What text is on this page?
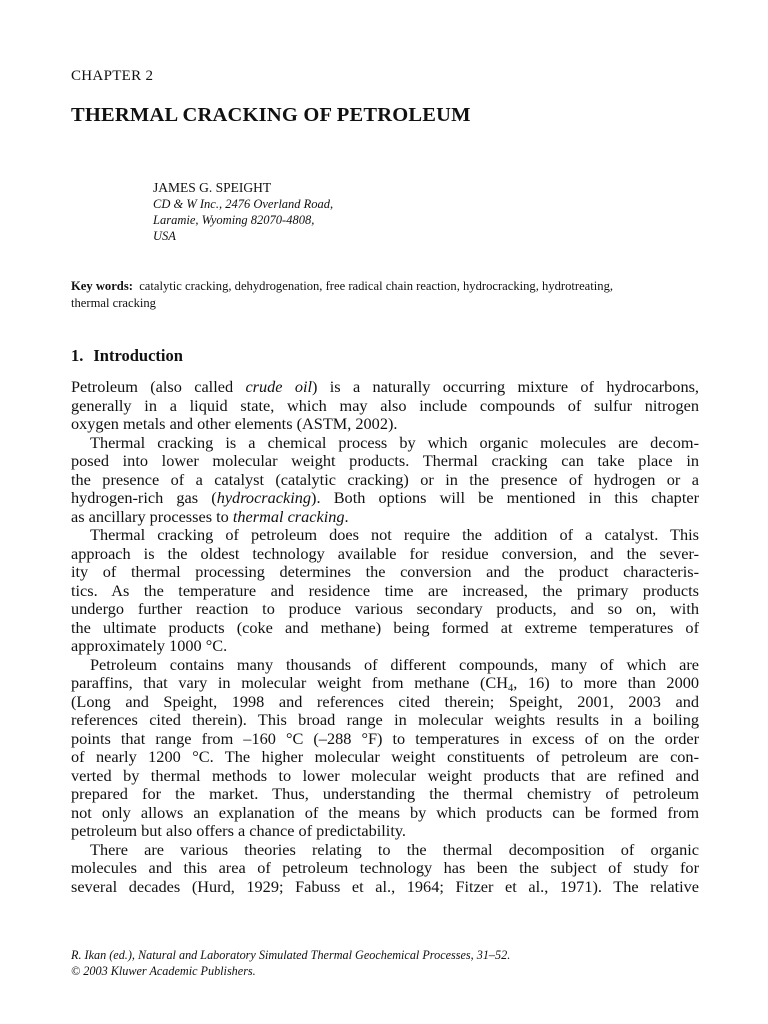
CHAPTER 2
THERMAL CRACKING OF PETROLEUM
JAMES G. SPEIGHT
CD & W Inc., 2476 Overland Road,
Laramie, Wyoming 82070-4808,
USA
Key words: catalytic cracking, dehydrogenation, free radical chain reaction, hydrocracking, hydrotreating,
thermal cracking
1. Introduction
Petroleum (also called crude oil) is a naturally occurring mixture of hydrocarbons,
generally in a liquid state, which may also include compounds of sulfur nitrogen
oxygen metals and other elements (ASTM, 2002).
Thermal cracking is a chemical process by which organic molecules are decom-
posed into lower molecular weight products. Thermal cracking can take place in
the presence of a catalyst (catalytic cracking) or in the presence of hydrogen or a
hydrogen-rich gas (hydrocracking). Both options will be mentioned in this chapter
as ancillary processes to thermal cracking.
Thermal cracking of petroleum does not require the addition of a catalyst. This
approach is the oldest technology available for residue conversion, and the sever-
ity of thermal processing determines the conversion and the product characteris-
tics. As the temperature and residence time are increased, the primary products
undergo further reaction to produce various secondary products, and so on, with
the ultimate products (coke and methane) being formed at extreme temperatures of
approximately 1000 °C.
Petroleum contains many thousands of different compounds, many of which are
paraffins, that vary in molecular weight from methane ($CH_4$, 16) to more than 2000
(Long and Speight, 1998 and references cited therein; Speight, 2001, 2003 and
references cited therein). This broad range in molecular weights results in a boiling
points that range from –160 °C (–288 °F) to temperatures in excess of on the order
of nearly 1200 °C. The higher molecular weight constituents of petroleum are con-
verted by thermal methods to lower molecular weight products that are refined and
prepared for the market. Thus, understanding the thermal chemistry of petroleum
not only allows an explanation of the means by which products can be formed from
petroleum but also offers a chance of predictability.
There are various theories relating to the thermal decomposition of organic
molecules and this area of petroleum technology has been the subject of study for
several decades (Hurd, 1929; Fabuss et al., 1964; Fitzer et al., 1971). The relative
R. Ikan (ed.), Natural and Laboratory Simulated Thermal Geochemical Processes, 31–52.
© 2003 Kluwer Academic Publishers.
